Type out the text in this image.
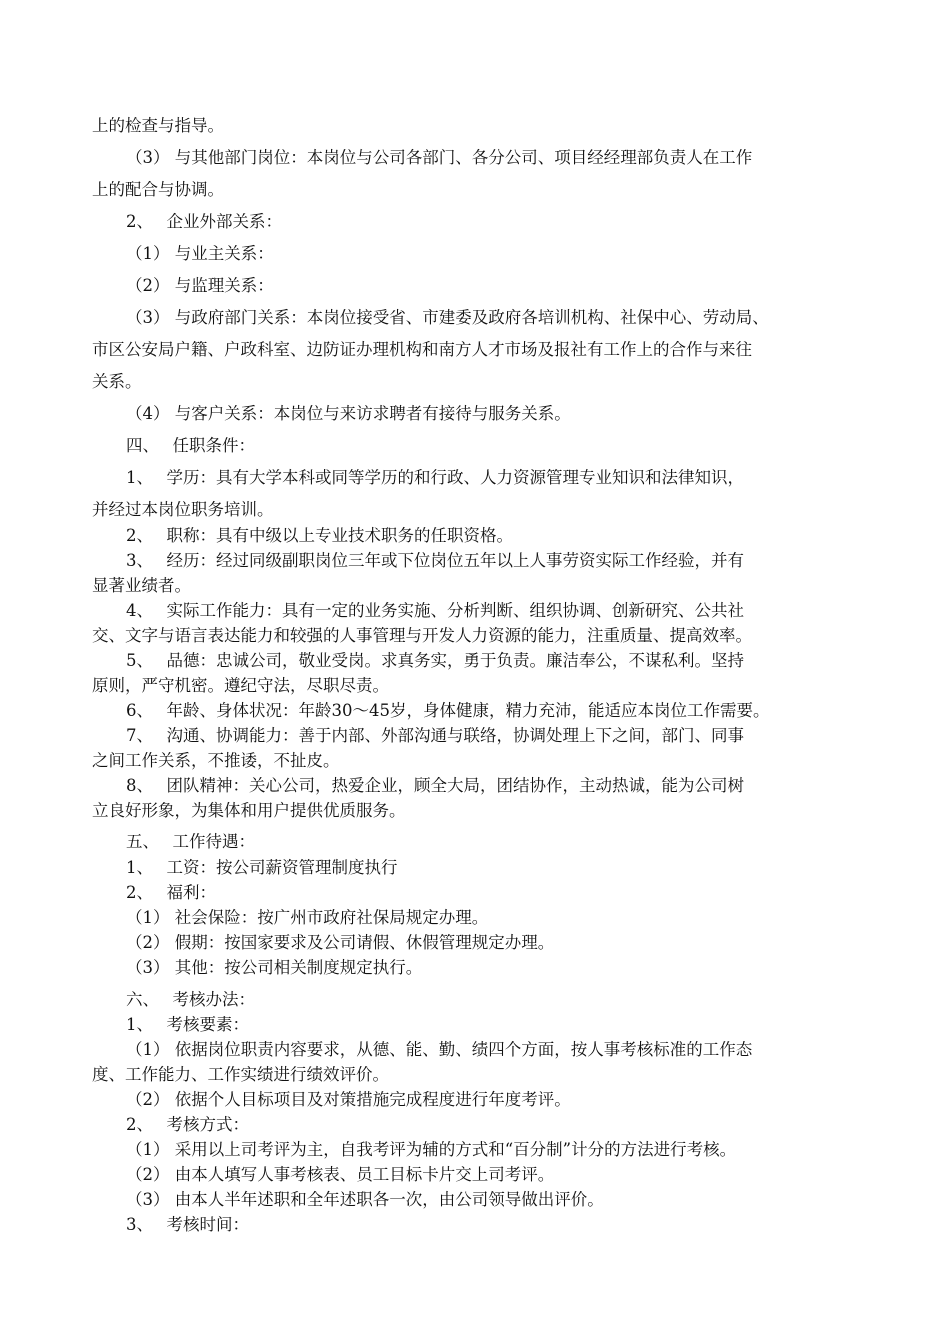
上的检查与指导。
（3） 与其他部门岗位：本岗位与公司各部门、各分公司、项目经经理部负责人在工作
上的配合与协调。
2、　 企业外部关系：
（1） 与业主关系：
（2） 与监理关系：
（3） 与政府部门关系：本岗位接受省、市建委及政府各培训机构、社保中心、劳动局、
市区公安局户籍、户政科室、边防证办理机构和南方人才市场及报社有工作上的合作与来往
关系。
（4） 与客户关系：本岗位与来访求聘者有接待与服务关系。
四、　 任职条件：
1、　 学历：具有大学本科或同等学历的和行政、人力资源管理专业知识和法律知识，
并经过本岗位职务培训。
2、　 职称：具有中级以上专业技术职务的任职资格。
3、　 经历：经过同级副职岗位三年或下位岗位五年以上人事劳资实际工作经验，并有
显著业绩者。
4、　 实际工作能力：具有一定的业务实施、分析判断、组织协调、创新研究、公共社
交、文字与语言表达能力和较强的人事管理与开发人力资源的能力，注重质量、提高效率。
5、　 品德：忠诚公司，敬业受岗。求真务实，勇于负责。廉洁奉公，不谋私利。坚持
原则，严守机密。遵纪守法，尽职尽责。
6、　 年龄、身体状况：年龄30～45岁，身体健康，精力充沛，能适应本岗位工作需要。
7、　 沟通、协调能力：善于内部、外部沟通与联络，协调处理上下之间，部门、同事
之间工作关系，不推诿，不扯皮。
8、　 团队精神：关心公司，热爱企业，顾全大局，团结协作，主动热诚，能为公司树
立良好形象，为集体和用户提供优质服务。
五、　 工作待遇：
1、　 工资：按公司薪资管理制度执行
2、　 福利：
（1） 社会保险：按广州市政府社保局规定办理。
（2） 假期：按国家要求及公司请假、休假管理规定办理。
（3） 其他：按公司相关制度规定执行。
六、　 考核办法：
1、　 考核要素：
（1） 依据岗位职责内容要求，从德、能、勤、绩四个方面，按人事考核标准的工作态
度、工作能力、工作实绩进行绩效评价。
（2） 依据个人目标项目及对策措施完成程度进行年度考评。
2、　 考核方式：
（1） 采用以上司考评为主，自我考评为辅的方式和“百分制”计分的方法进行考核。
（2） 由本人填写人事考核表、员工目标卡片交上司考评。
（3） 由本人半年述职和全年述职各一次，由公司领导做出评价。
3、　 考核时间：
